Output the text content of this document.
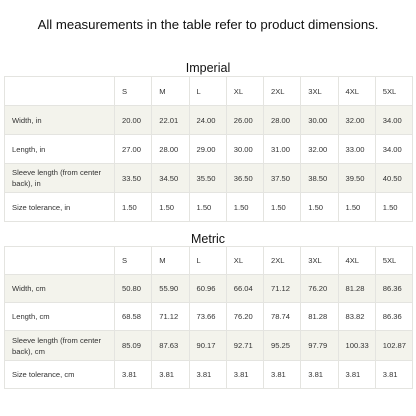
All measurements in the table refer to product dimensions.
Imperial
	S	M	L	XL	2XL	3XL	4XL	5XL
Width, in	20.00	22.01	24.00	26.00	28.00	30.00	32.00	34.00
Length, in	27.00	28.00	29.00	30.00	31.00	32.00	33.00	34.00
Sleeve length (from center back), in	33.50	34.50	35.50	36.50	37.50	38.50	39.50	40.50
Size tolerance, in	1.50	1.50	1.50	1.50	1.50	1.50	1.50	1.50
Metric
	S	M	L	XL	2XL	3XL	4XL	5XL
Width, cm	50.80	55.90	60.96	66.04	71.12	76.20	81.28	86.36
Length, cm	68.58	71.12	73.66	76.20	78.74	81.28	83.82	86.36
Sleeve length (from center back), cm	85.09	87.63	90.17	92.71	95.25	97.79	100.33	102.87
Size tolerance, cm	3.81	3.81	3.81	3.81	3.81	3.81	3.81	3.81
